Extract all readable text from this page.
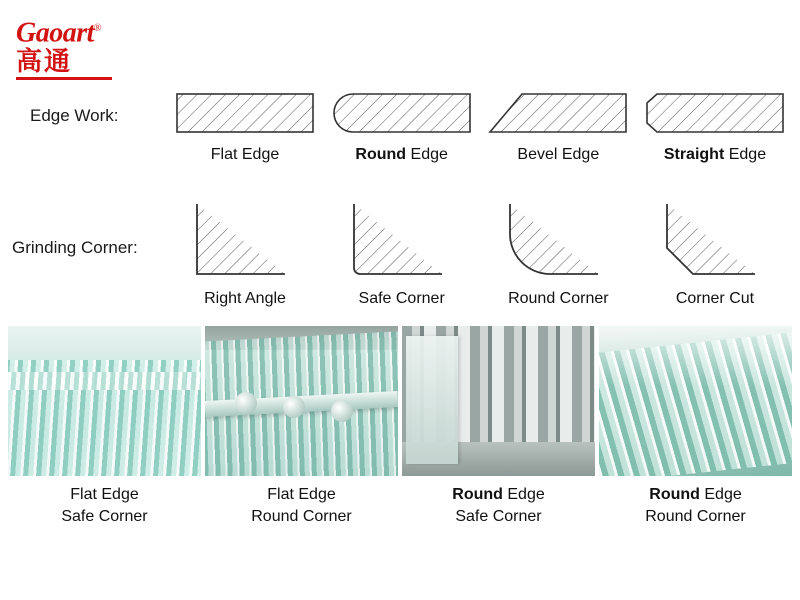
Gaoart®
高通
Edge Work:
Flat Edge	Round Edge	Bevel Edge	Straight Edge
Grinding Corner:
Right Angle	Safe Corner	Round Corner	Corner Cut
Flat Edge
Safe Corner
Flat Edge
Round Corner
Round Edge
Safe Corner
Round Edge
Round Corner
